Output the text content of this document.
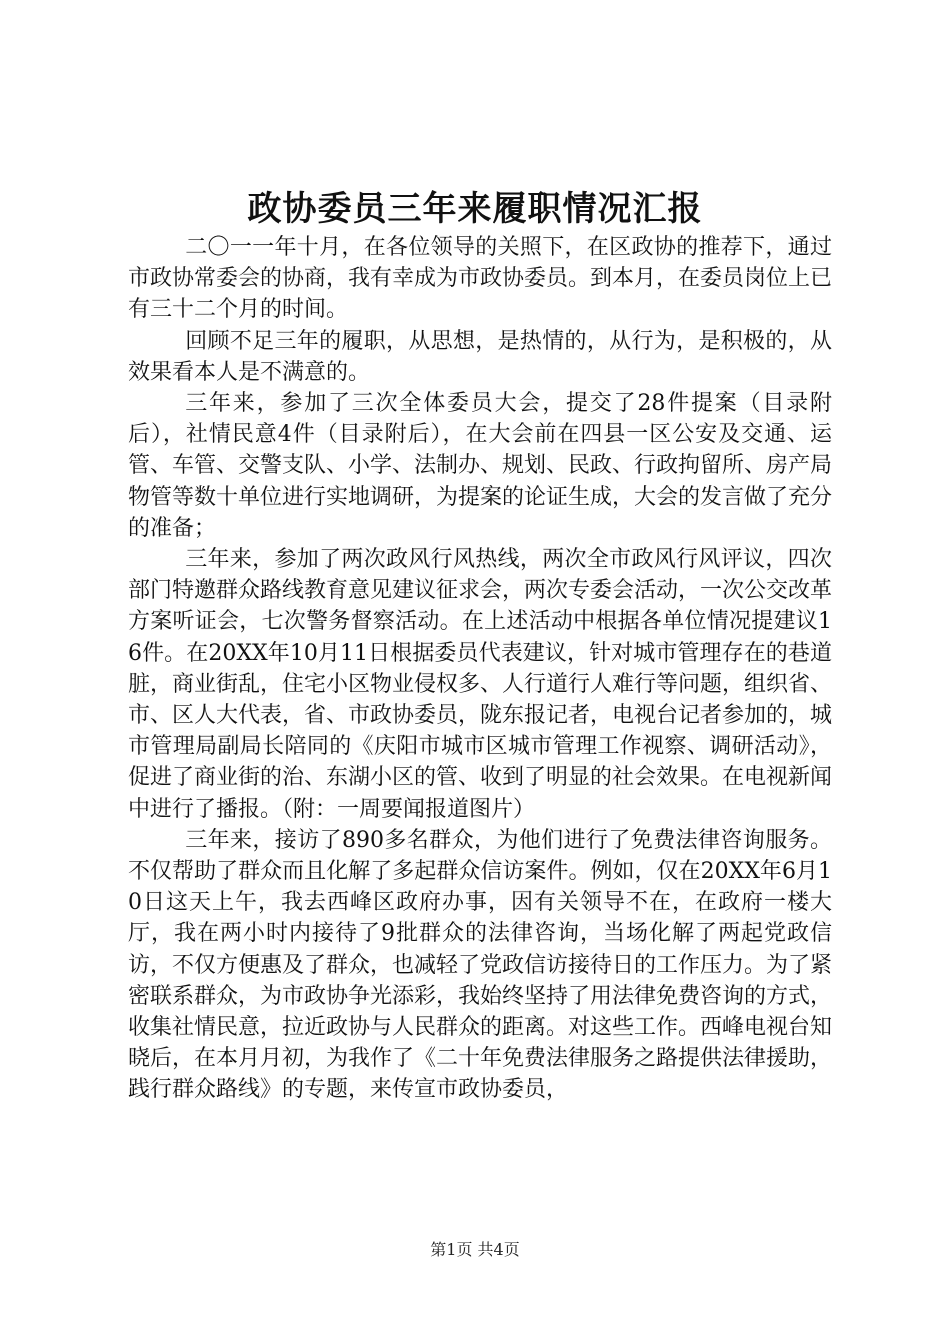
政协委员三年来履职情况汇报

二〇一一年十月，在各位领导的关照下，在区政协的推荐下，通过市政协常委会的协商，我有幸成为市政协委员。到本月，在委员岗位上已有三十二个月的时间。

回顾不足三年的履职，从思想，是热情的，从行为，是积极的，从效果看本人是不满意的。

三年来，参加了三次全体委员大会，提交了28件提案（目录附后），社情民意4件（目录附后），在大会前在四县一区公安及交通、运管、车管、交警支队、小学、法制办、规划、民政、行政拘留所、房产局物管等数十单位进行实地调研，为提案的论证生成，大会的发言做了充分的准备；

三年来，参加了两次政风行风热线，两次全市政风行风评议，四次部门特邀群众路线教育意见建议征求会，两次专委会活动，一次公交改革方案听证会，七次警务督察活动。在上述活动中根据各单位情况提建议16件。在20XX年10月11日根据委员代表建议，针对城市管理存在的巷道脏，商业街乱，住宅小区物业侵权多、人行道行人难行等问题，组织省、市、区人大代表，省、市政协委员，陇东报记者，电视台记者参加的，城市管理局副局长陪同的《庆阳市城市区城市管理工作视察、调研活动》，促进了商业街的治、东湖小区的管、收到了明显的社会效果。在电视新闻中进行了播报。（附：一周要闻报道图片）

三年来，接访了890多名群众，为他们进行了免费法律咨询服务。不仅帮助了群众而且化解了多起群众信访案件。例如，仅在20XX年6月10日这天上午，我去西峰区政府办事，因有关领导不在，在政府一楼大厅，我在两小时内接待了9批群众的法律咨询，当场化解了两起党政信访，不仅方便惠及了群众，也减轻了党政信访接待日的工作压力。为了紧密联系群众，为市政协争光添彩，我始终坚持了用法律免费咨询的方式，收集社情民意，拉近政协与人民群众的距离。对这些工作。西峰电视台知晓后，在本月月初，为我作了《二十年免费法律服务之路提供法律援助，践行群众路线》的专题，来传宣市政协委员，

第1页 共4页
